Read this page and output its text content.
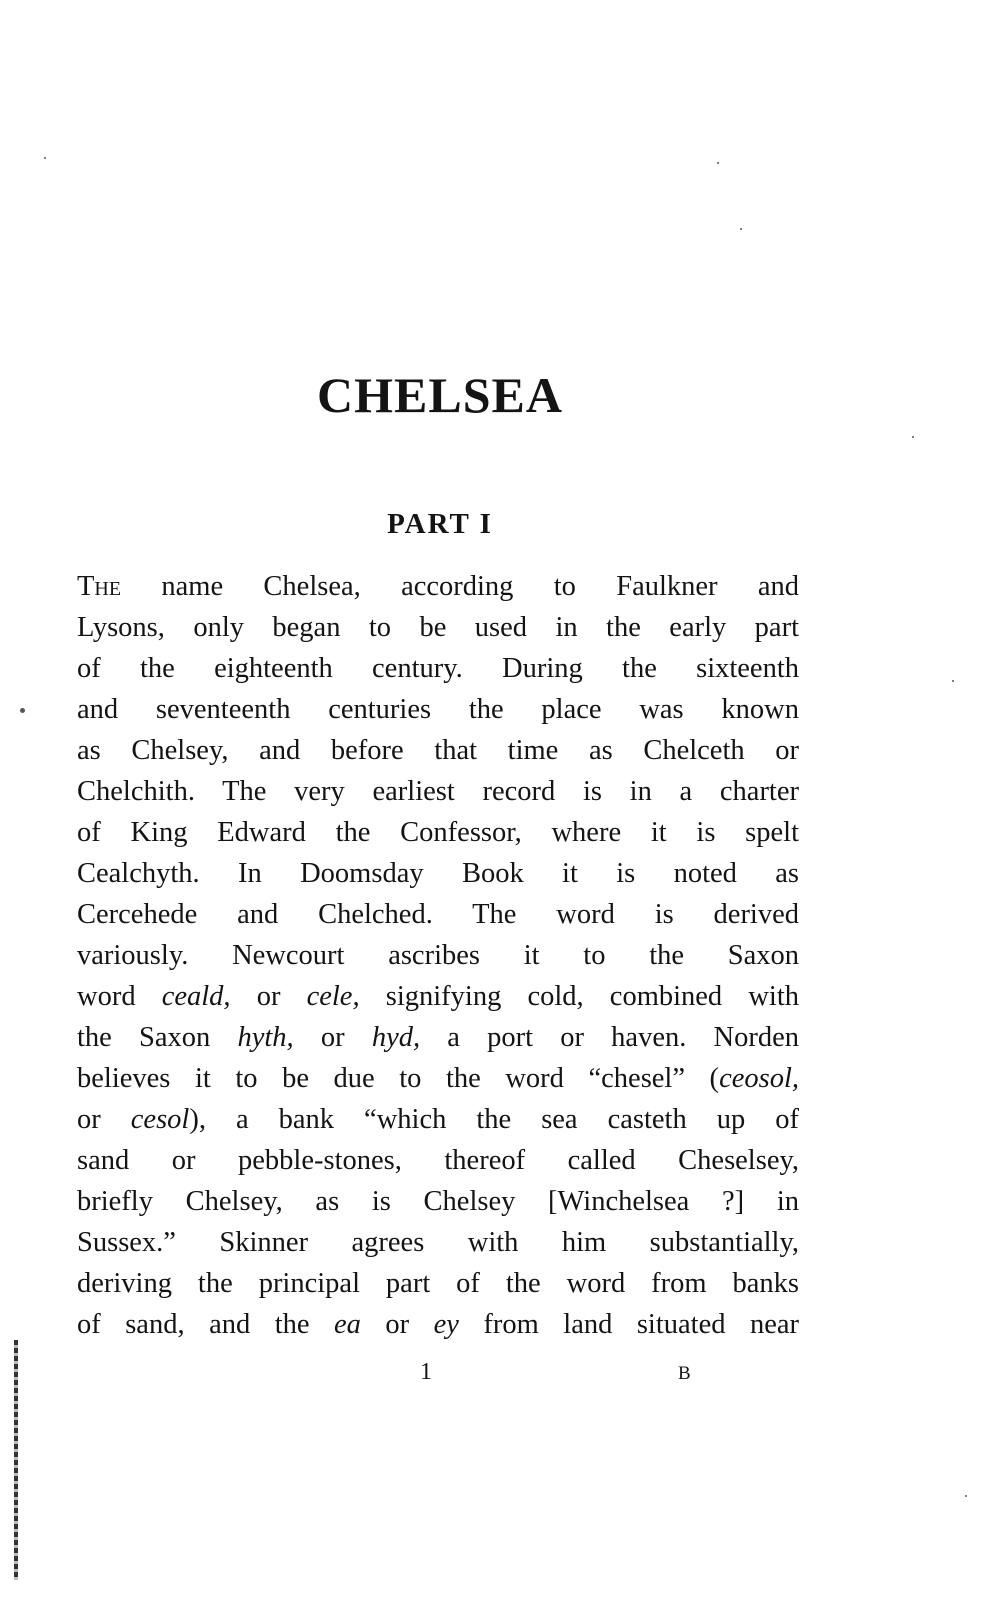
CHELSEA
PART I

The name Chelsea, according to Faulkner and
Lysons, only began to be used in the early part
of the eighteenth century. During the sixteenth
and seventeenth centuries the place was known
as Chelsey, and before that time as Chelceth or
Chelchith. The very earliest record is in a charter
of King Edward the Confessor, where it is spelt
Cealchyth. In Doomsday Book it is noted as
Cercehede and Chelched. The word is derived
variously. Newcourt ascribes it to the Saxon
word ceald, or cele, signifying cold, combined with
the Saxon hyth, or hyd, a port or haven. Norden
believes it to be due to the word “chesel” (ceosol,
or cesol), a bank “which the sea casteth up of
sand or pebble-stones, thereof called Cheselsey,
briefly Chelsey, as is Chelsey [Winchelsea ?] in
Sussex.” Skinner agrees with him substantially,
deriving the principal part of the word from banks
of sand, and the ea or ey from land situated near

1	B
